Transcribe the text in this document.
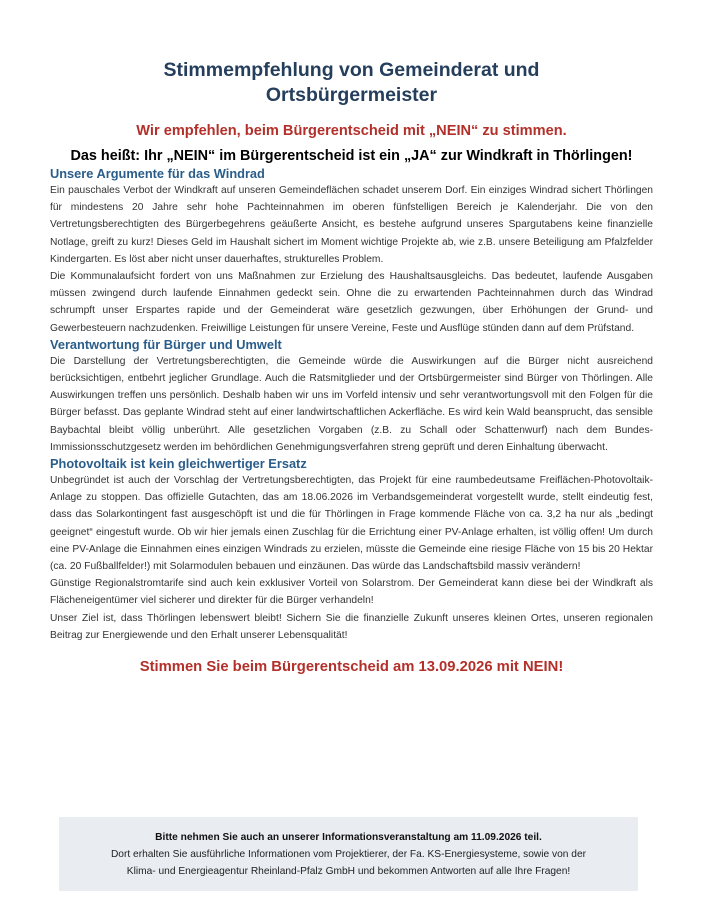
Stimmempfehlung von Gemeinderat und
Ortsbürgermeister

Wir empfehlen, beim Bürgerentscheid mit „NEIN“ zu stimmen.

Das heißt: Ihr „NEIN“ im Bürgerentscheid ist ein „JA“ zur Windkraft in Thörlingen!

Unsere Argumente für das Windrad

Ein pauschales Verbot der Windkraft auf unseren Gemeindeflächen schadet unserem Dorf. Ein einziges Windrad sichert Thörlingen für mindestens 20 Jahre sehr hohe Pachteinnahmen im oberen fünfstelligen Bereich je Kalenderjahr. Die von den Vertretungsberechtigten des Bürgerbegehrens geäußerte Ansicht, es bestehe aufgrund unseres Spargutabens keine finanzielle Notlage, greift zu kurz! Dieses Geld im Haushalt sichert im Moment wichtige Projekte ab, wie z.B. unsere Beteiligung am Pfalzfelder Kindergarten. Es löst aber nicht unser dauerhaftes, strukturelles Problem.

Die Kommunalaufsicht fordert von uns Maßnahmen zur Erzielung des Haushaltsausgleichs. Das bedeutet, laufende Ausgaben müssen zwingend durch laufende Einnahmen gedeckt sein. Ohne die zu erwartenden Pachteinnahmen durch das Windrad schrumpft unser Erspartes rapide und der Gemeinderat wäre gesetzlich gezwungen, über Erhöhungen der Grund- und Gewerbesteuern nachzudenken. Freiwillige Leistungen für unsere Vereine, Feste und Ausflüge stünden dann auf dem Prüfstand.

Verantwortung für Bürger und Umwelt

Die Darstellung der Vertretungsberechtigten, die Gemeinde würde die Auswirkungen auf die Bürger nicht ausreichend berücksichtigen, entbehrt jeglicher Grundlage. Auch die Ratsmitglieder und der Ortsbürgermeister sind Bürger von Thörlingen. Alle Auswirkungen treffen uns persönlich. Deshalb haben wir uns im Vorfeld intensiv und sehr verantwortungsvoll mit den Folgen für die Bürger befasst. Das geplante Windrad steht auf einer landwirtschaftlichen Ackerfläche. Es wird kein Wald beansprucht, das sensible Baybachtal bleibt völlig unberührt. Alle gesetzlichen Vorgaben (z.B. zu Schall oder Schattenwurf) nach dem Bundes-Immissionsschutzgesetz werden im behördlichen Genehmigungsverfahren streng geprüft und deren Einhaltung überwacht.

Photovoltaik ist kein gleichwertiger Ersatz

Unbegründet ist auch der Vorschlag der Vertretungsberechtigten, das Projekt für eine raumbedeutsame Freiflächen-Photovoltaik-Anlage zu stoppen. Das offizielle Gutachten, das am 18.06.2026 im Verbandsgemeinderat vorgestellt wurde, stellt eindeutig fest, dass das Solarkontingent fast ausgeschöpft ist und die für Thörlingen in Frage kommende Fläche von ca. 3,2 ha nur als „bedingt geeignet“ eingestuft wurde. Ob wir hier jemals einen Zuschlag für die Errichtung einer PV-Anlage erhalten, ist völlig offen! Um durch eine PV-Anlage die Einnahmen eines einzigen Windrads zu erzielen, müsste die Gemeinde eine riesige Fläche von 15 bis 20 Hektar (ca. 20 Fußballfelder!) mit Solarmodulen bebauen und einzäunen. Das würde das Landschaftsbild massiv verändern!

Günstige Regionalstromtarife sind auch kein exklusiver Vorteil von Solarstrom. Der Gemeinderat kann diese bei der Windkraft als Flächeneigentümer viel sicherer und direkter für die Bürger verhandeln!

Unser Ziel ist, dass Thörlingen lebenswert bleibt! Sichern Sie die finanzielle Zukunft unseres kleinen Ortes, unseren regionalen Beitrag zur Energiewende und den Erhalt unserer Lebensqualität!

Stimmen Sie beim Bürgerentscheid am 13.09.2026 mit NEIN!

Bitte nehmen Sie auch an unserer Informationsveranstaltung am 11.09.2026 teil.

Dort erhalten Sie ausführliche Informationen vom Projektierer, der Fa. KS-Energiesysteme, sowie von der

Klima- und Energieagentur Rheinland-Pfalz GmbH und bekommen Antworten auf alle Ihre Fragen!
